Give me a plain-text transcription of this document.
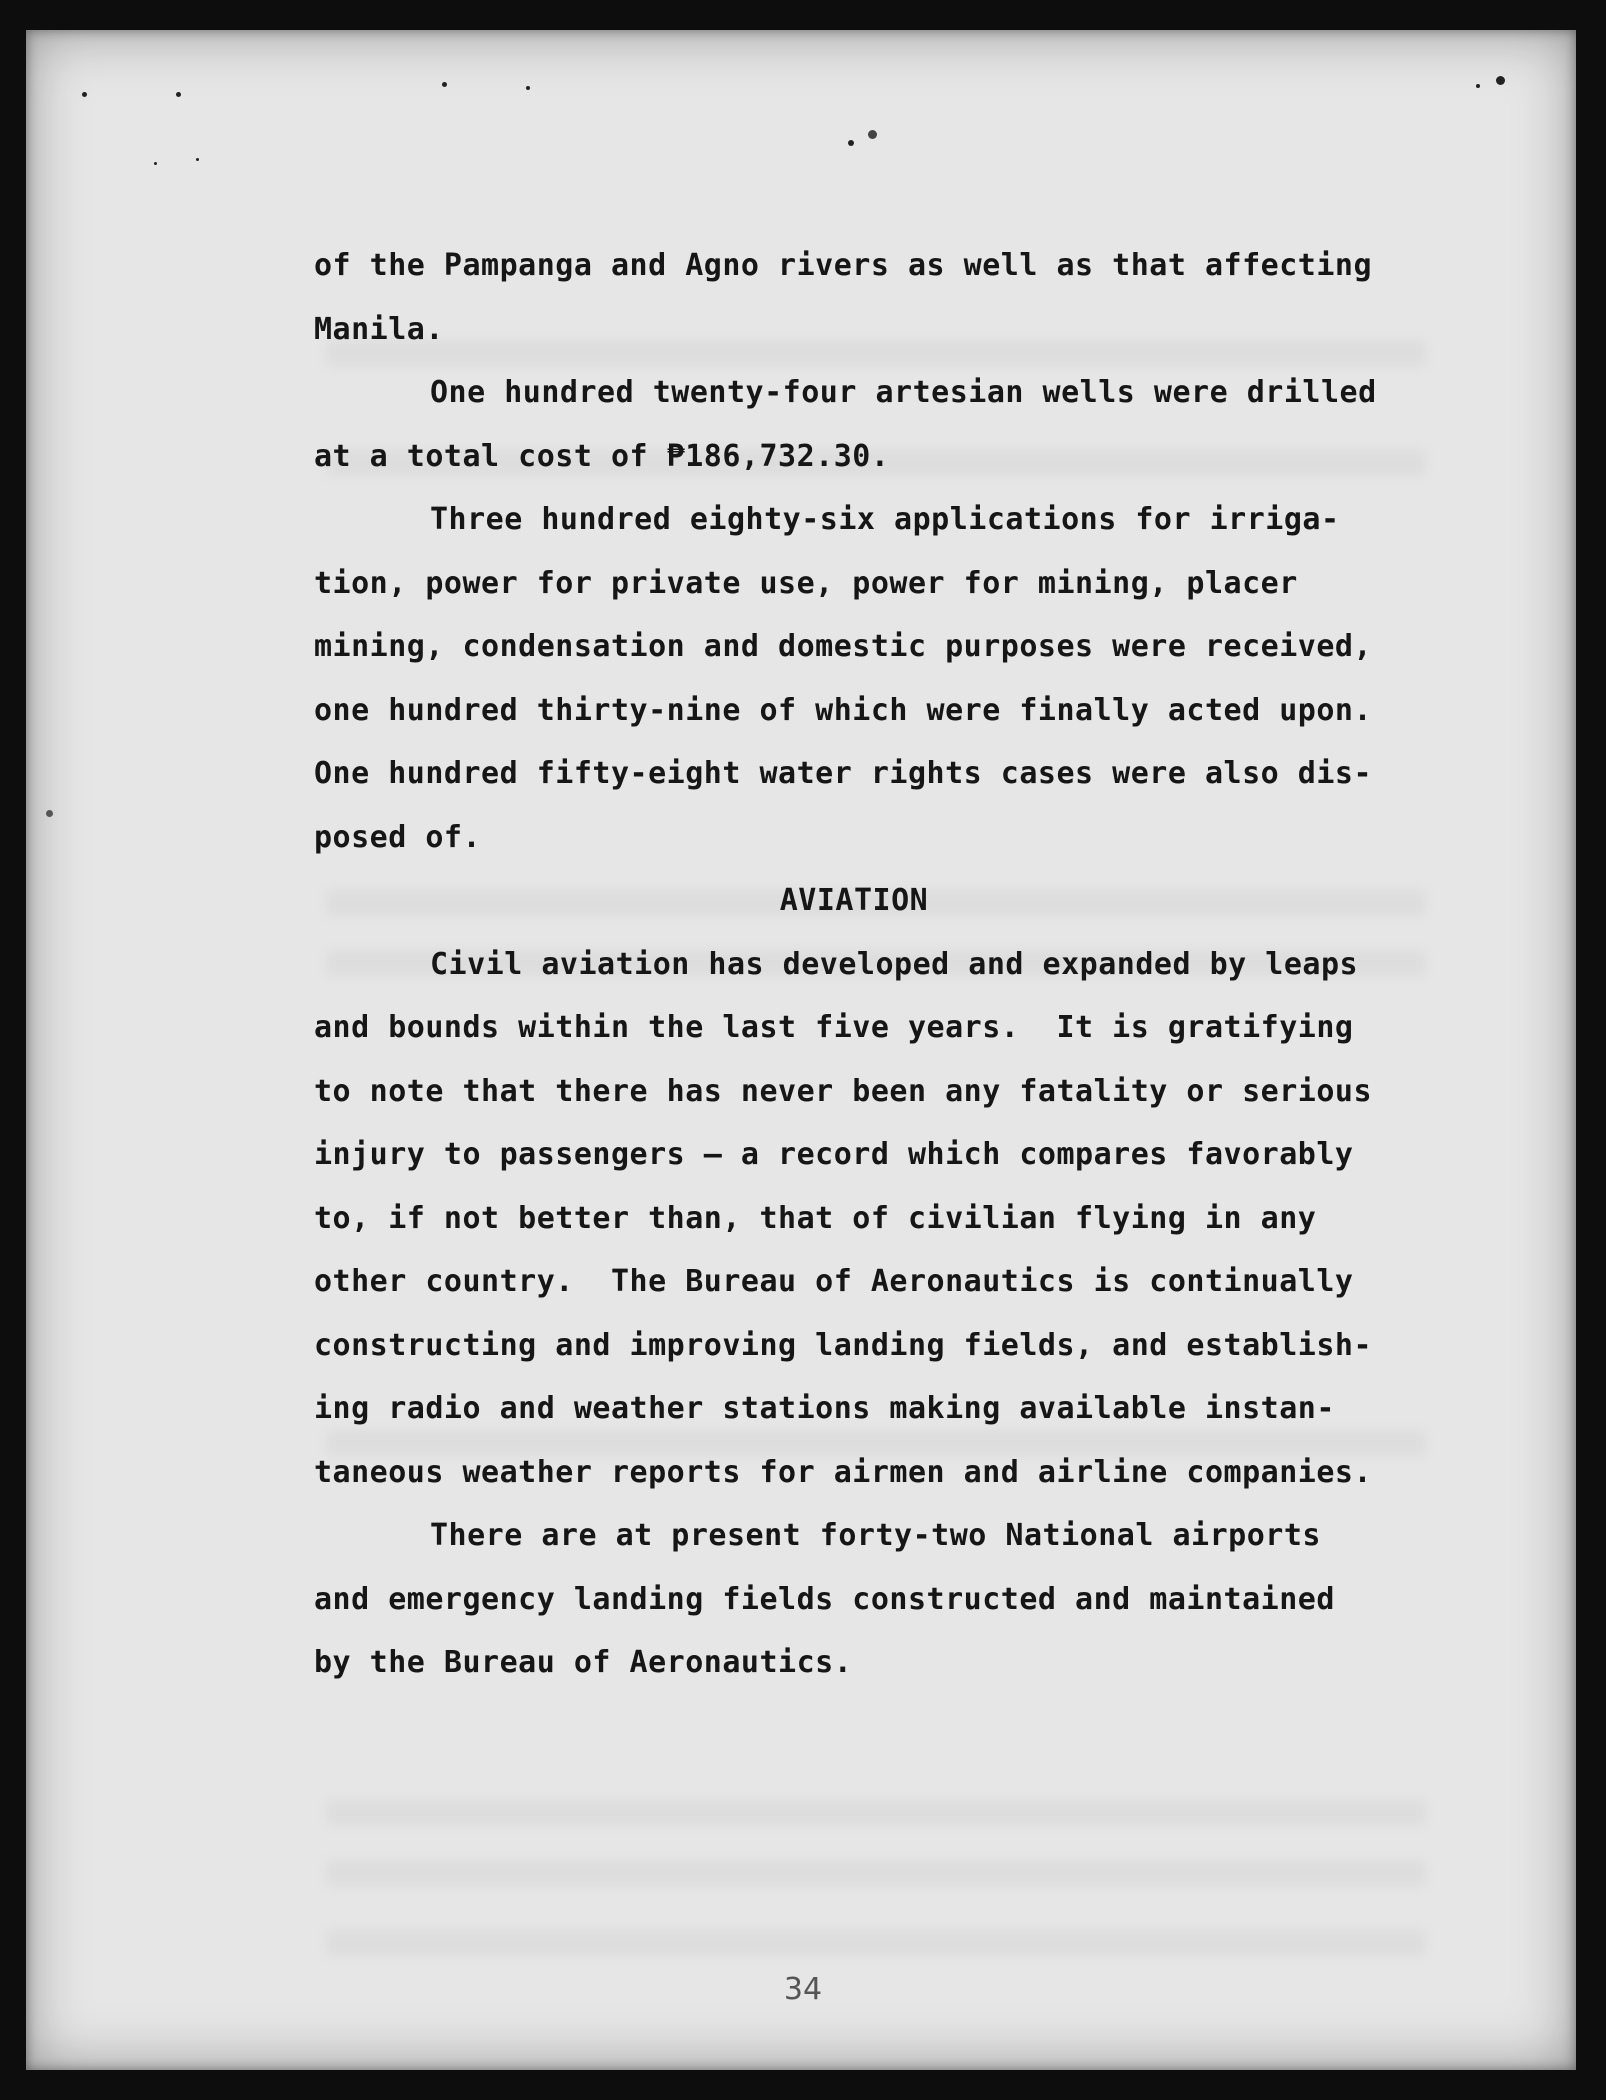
of the Pampanga and Agno rivers as well as that affecting
Manila.
One hundred twenty-four artesian wells were drilled
at a total cost of ₱186,732.30.
Three hundred eighty-six applications for irriga-
tion, power for private use, power for mining, placer
mining, condensation and domestic purposes were received,
one hundred thirty-nine of which were finally acted upon.
One hundred fifty-eight water rights cases were also dis-
posed of.
AVIATION
Civil aviation has developed and expanded by leaps
and bounds within the last five years.  It is gratifying
to note that there has never been any fatality or serious
injury to passengers — a record which compares favorably
to, if not better than, that of civilian flying in any
other country.  The Bureau of Aeronautics is continually
constructing and improving landing fields, and establish-
ing radio and weather stations making available instan-
taneous weather reports for airmen and airline companies.
There are at present forty-two National airports
and emergency landing fields constructed and maintained
by the Bureau of Aeronautics.
34
